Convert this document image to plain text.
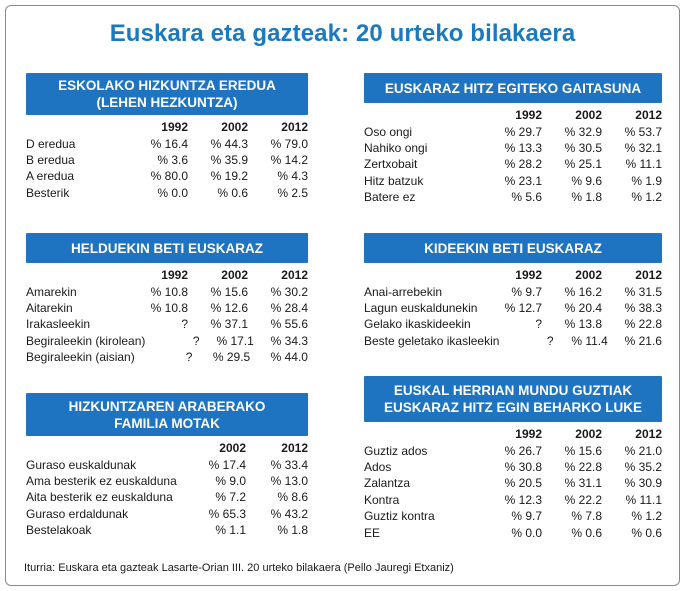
Euskara eta gazteak: 20 urteko bilakaera
ESKOLAKO HIZKUNTZA EREDUA
(LEHEN HEZKUNTZA)
1992	2002	2012
D eredua	% 16.4	% 44.3	% 79.0
B eredua	% 3.6	% 35.9	% 14.2
A eredua	% 80.0	% 19.2	% 4.3
Besterik	% 0.0	% 0.6	% 2.5
HELDUEKIN BETI EUSKARAZ
1992	2002	2012
Amarekin	% 10.8	% 15.6	% 30.2
Aitarekin	% 10.8	% 12.6	% 28.4
Irakasleekin	?	% 37.1	% 55.6
Begiraleekin (kirolean)	?	% 17.1	% 34.3
Begiraleekin (aisian)	?	% 29.5	% 44.0
HIZKUNTZAREN ARABERAKO
FAMILIA MOTAK
2002	2012
Guraso euskaldunak	% 17.4	% 33.4
Ama besterik ez euskalduna	% 9.0	% 13.0
Aita besterik ez euskalduna	% 7.2	% 8.6
Guraso erdaldunak	% 65.3	% 43.2
Bestelakoak	% 1.1	% 1.8
EUSKARAZ HITZ EGITEKO GAITASUNA
1992	2002	2012
Oso ongi	% 29.7	% 32.9	% 53.7
Nahiko ongi	% 13.3	% 30.5	% 32.1
Zertxobait	% 28.2	% 25.1	% 11.1
Hitz batzuk	% 23.1	% 9.6	% 1.9
Batere ez	% 5.6	% 1.8	% 1.2
KIDEEKIN BETI EUSKARAZ
1992	2002	2012
Anai-arrebekin	% 9.7	% 16.2	% 31.5
Lagun euskaldunekin	% 12.7	% 20.4	% 38.3
Gelako ikaskideekin	?	% 13.8	% 22.8
Beste geletako ikasleekin	?	% 11.4	% 21.6
EUSKAL HERRIAN MUNDU GUZTIAK
EUSKARAZ HITZ EGIN BEHARKO LUKE
1992	2002	2012
Guztiz ados	% 26.7	% 15.6	% 21.0
Ados	% 30.8	% 22.8	% 35.2
Zalantza	% 20.5	% 31.1	% 30.9
Kontra	% 12.3	% 22.2	% 11.1
Guztiz kontra	% 9.7	% 7.8	% 1.2
EE	% 0.0	% 0.6	% 0.6
Iturria: Euskara eta gazteak Lasarte-Orian III. 20 urteko bilakaera (Pello Jauregi Etxaniz)
